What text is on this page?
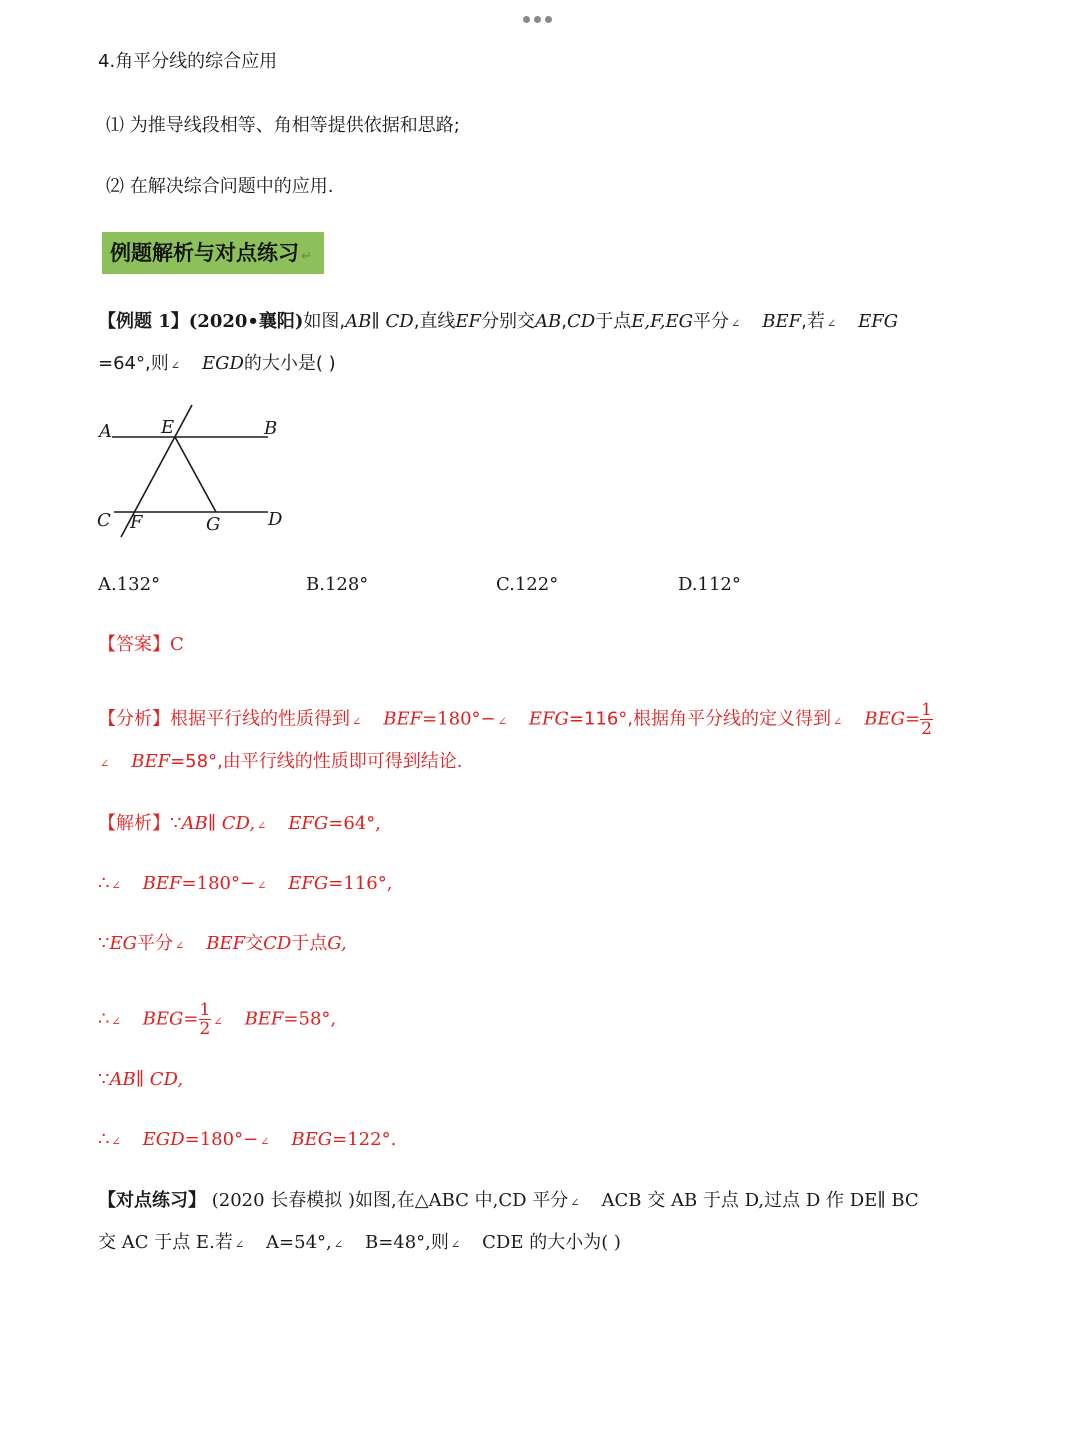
4.角平分线的综合应用
⑴ 为推导线段相等、角相等提供依据和思路;
⑵ 在解决综合问题中的应用.
例题解析与对点练习 ↵
【例题 1】(2020•襄阳)如图,AB∥ CD,直线EF分别交AB,CD于点E,F,EG平分 ∠ BEF,若 ∠ EFG
=64°,则 ∠ EGD的大小是( )
A	E	B
C F	G	D
A.132°	B.128°	C.122°	D.112°
【答案】C
【分析】根据平行线的性质得到 ∠ BEF=180°− ∠ EFG=116°,根据角平分线的定义得到 ∠ $BEG= \frac{1}{2}$
∠ BEF=58°,由平行线的性质即可得到结论.
【解析】∵AB∥ CD, ∠ EFG=64°,
∴ ∠ BEF=180°− ∠ EFG=116°,
∵EG平分 ∠ BEF交CD于点G,
∴ ∠ $BEG= \frac{1}{2}$ ∠ BEF=58°,
∵AB∥ CD,
∴ ∠ EGD=180°− ∠ BEG=122°.
【对点练习】 (2020 长春模拟 )如图,在△ABC 中,CD 平分 ∠ ACB 交 AB 于点 D,过点 D 作 DE∥ BC
交 AC 于点 E.若 ∠ A=54°, ∠ B=48°,则 ∠ CDE 的大小为( )
